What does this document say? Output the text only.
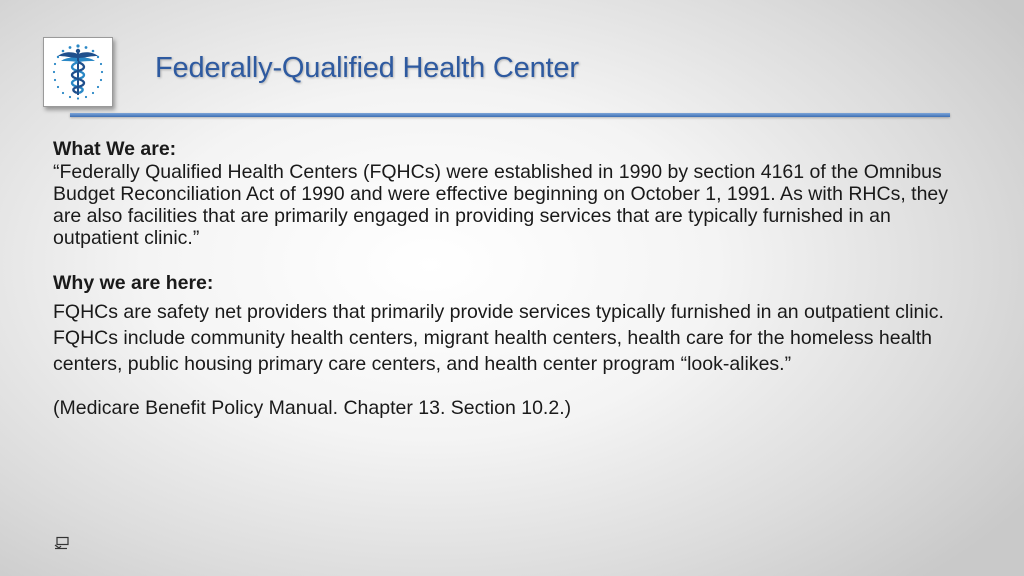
Federally-Qualified Health Center

What We are:

“Federally Qualified Health Centers (FQHCs) were established in 1990 by section 4161 of the Omnibus Budget Reconciliation Act of 1990 and were effective beginning on October 1, 1991. As with RHCs, they are also facilities that are primarily engaged in providing services that are typically furnished in an outpatient clinic.”

Why we are here:

FQHCs are safety net providers that primarily provide services typically furnished in an outpatient clinic. FQHCs include community health centers, migrant health centers, health care for the homeless health centers, public housing primary care centers, and health center program “look-alikes.”

(Medicare Benefit Policy Manual. Chapter 13. Section 10.2.)
